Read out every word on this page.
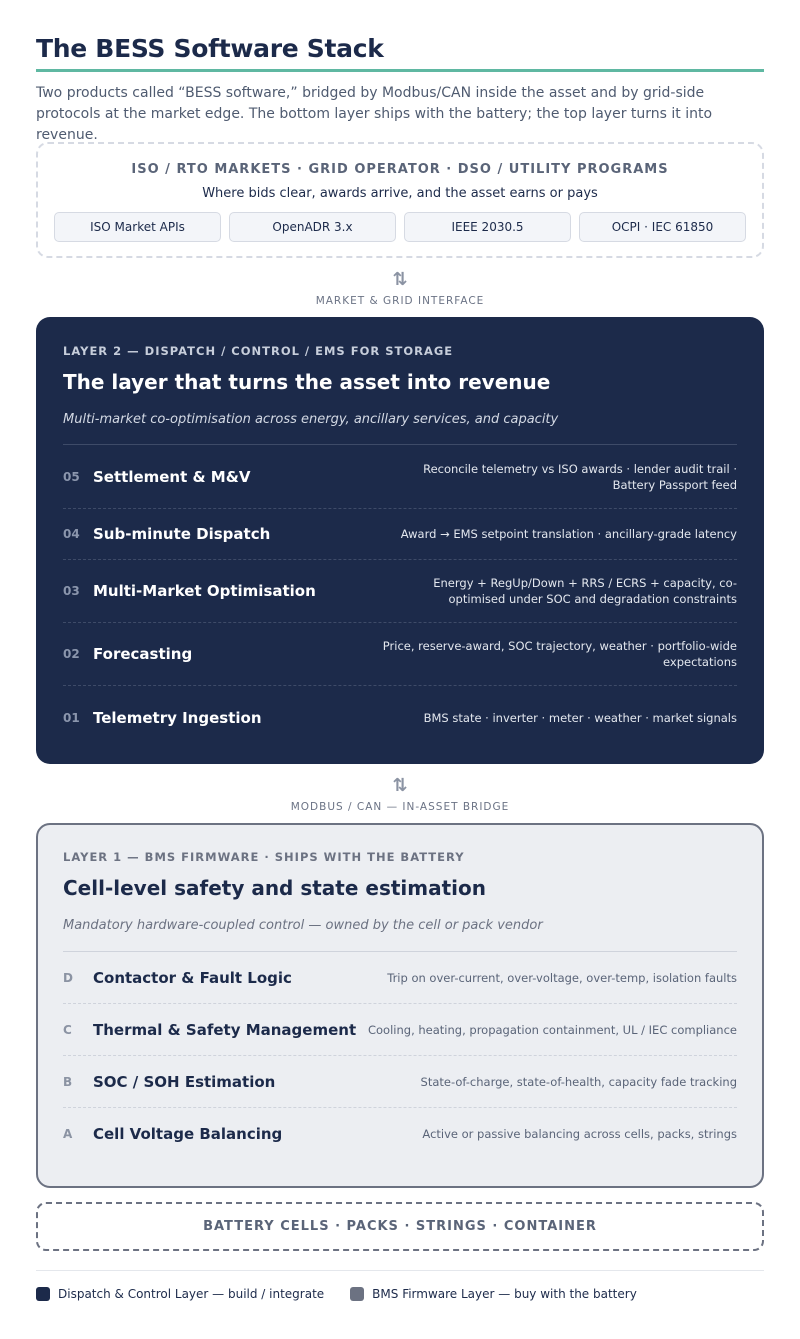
The BESS Software Stack

Two products called “BESS software,” bridged by Modbus/CAN inside the asset and by grid-side protocols at the market edge. The bottom layer ships with the battery; the top layer turns it into revenue.

ISO / RTO MARKETS · GRID OPERATOR · DSO / UTILITY PROGRAMS
Where bids clear, awards arrive, and the asset earns or pays
ISO Market APIs	OpenADR 3.x	IEEE 2030.5	OCPI · IEC 61850
⇅
MARKET & GRID INTERFACE
LAYER 2 — DISPATCH / CONTROL / EMS FOR STORAGE
The layer that turns the asset into revenue
Multi-market co-optimisation across energy, ancillary services, and capacity
05 Settlement & M&V	Reconcile telemetry vs ISO awards · lender audit trail · Battery Passport feed
04 Sub-minute Dispatch	Award → EMS setpoint translation · ancillary-grade latency
03 Multi-Market Optimisation	Energy + RegUp/Down + RRS / ECRS + capacity, co-optimised under SOC and degradation constraints
02 Forecasting	Price, reserve-award, SOC trajectory, weather · portfolio-wide expectations
01 Telemetry Ingestion	BMS state · inverter · meter · weather · market signals
⇅
MODBUS / CAN — IN-ASSET BRIDGE
LAYER 1 — BMS FIRMWARE · SHIPS WITH THE BATTERY
Cell-level safety and state estimation
Mandatory hardware-coupled control — owned by the cell or pack vendor
D Contactor & Fault Logic	Trip on over-current, over-voltage, over-temp, isolation faults
C Thermal & Safety Management	Cooling, heating, propagation containment, UL / IEC compliance
B SOC / SOH Estimation	State-of-charge, state-of-health, capacity fade tracking
A Cell Voltage Balancing	Active or passive balancing across cells, packs, strings
BATTERY CELLS · PACKS · STRINGS · CONTAINER
Dispatch & Control Layer — build / integrate	BMS Firmware Layer — buy with the battery
